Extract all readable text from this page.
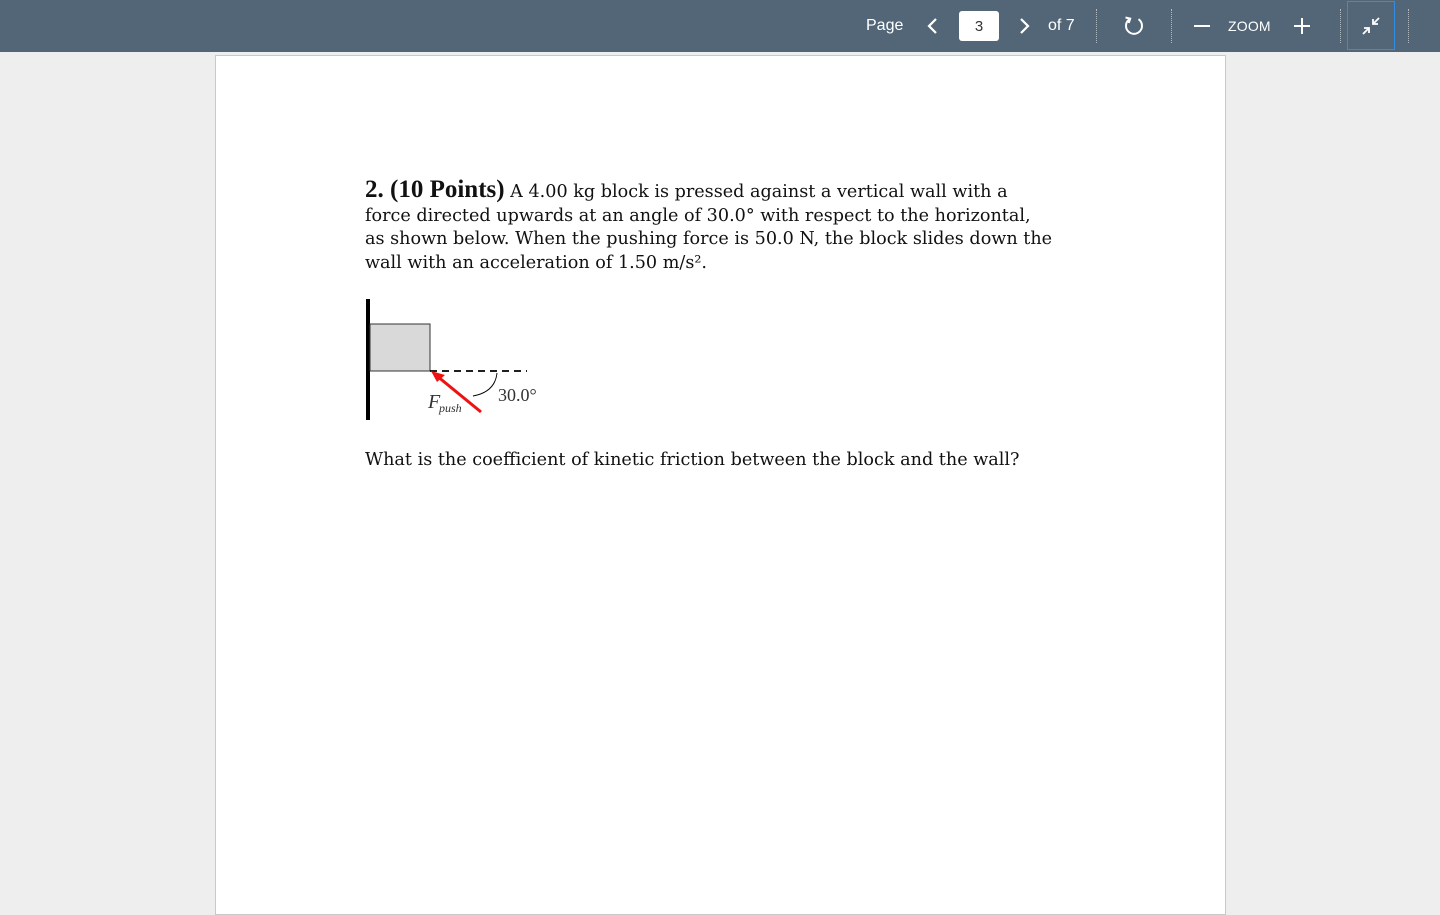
Page
3	of 7	ZOOM
2. (10 Points) A 4.00 kg block is pressed against a vertical wall with a force directed upwards at an angle of 30.0° with respect to the horizontal, as shown below. When the pushing force is 50.0 N, the block slides down the wall with an acceleration of 1.50 m/s².
30.0°
F
push
What is the coefficient of kinetic friction between the block and the wall?
